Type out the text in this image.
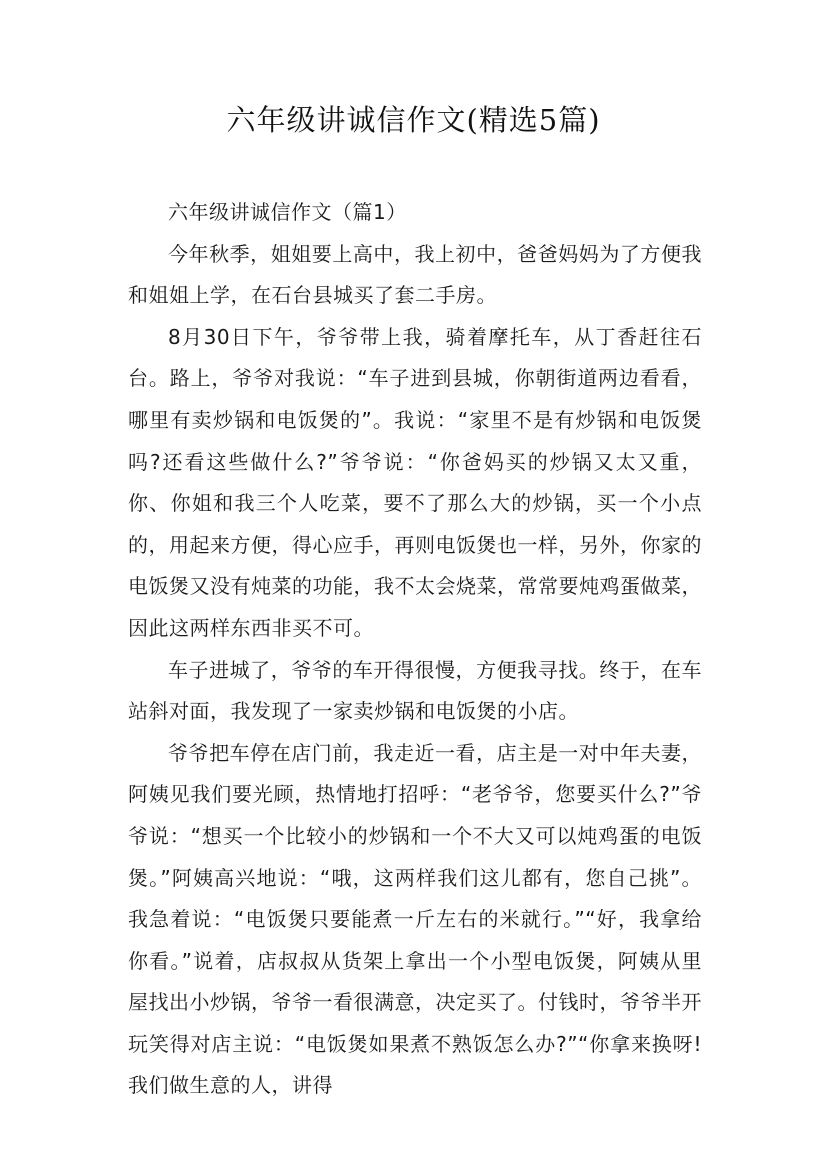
六年级讲诚信作文(精选5篇)
六年级讲诚信作文（篇1）

今年秋季，姐姐要上高中，我上初中，爸爸妈妈为了方便我和姐姐上学，在石台县城买了套二手房。

8月30日下午，爷爷带上我，骑着摩托车，从丁香赶往石台。路上，爷爷对我说：“车子进到县城，你朝街道两边看看，哪里有卖炒锅和电饭煲的”。我说：“家里不是有炒锅和电饭煲吗?还看这些做什么?”爷爷说：“你爸妈买的炒锅又太又重，你、你姐和我三个人吃菜，要不了那么大的炒锅，买一个小点的，用起来方便，得心应手，再则电饭煲也一样，另外，你家的电饭煲又没有炖菜的功能，我不太会烧菜，常常要炖鸡蛋做菜，因此这两样东西非买不可。

车子进城了，爷爷的车开得很慢，方便我寻找。终于，在车站斜对面，我发现了一家卖炒锅和电饭煲的小店。

爷爷把车停在店门前，我走近一看，店主是一对中年夫妻，阿姨见我们要光顾，热情地打招呼：“老爷爷，您要买什么?”爷爷说：“想买一个比较小的炒锅和一个不大又可以炖鸡蛋的电饭煲。”阿姨高兴地说：“哦，这两样我们这儿都有，您自己挑”。我急着说：“电饭煲只要能煮一斤左右的米就行。”“好，我拿给你看。”说着，店叔叔从货架上拿出一个小型电饭煲，阿姨从里屋找出小炒锅，爷爷一看很满意，决定买了。付钱时，爷爷半开玩笑得对店主说：“电饭煲如果煮不熟饭怎么办?”“你拿来换呀!我们做生意的人，讲得
